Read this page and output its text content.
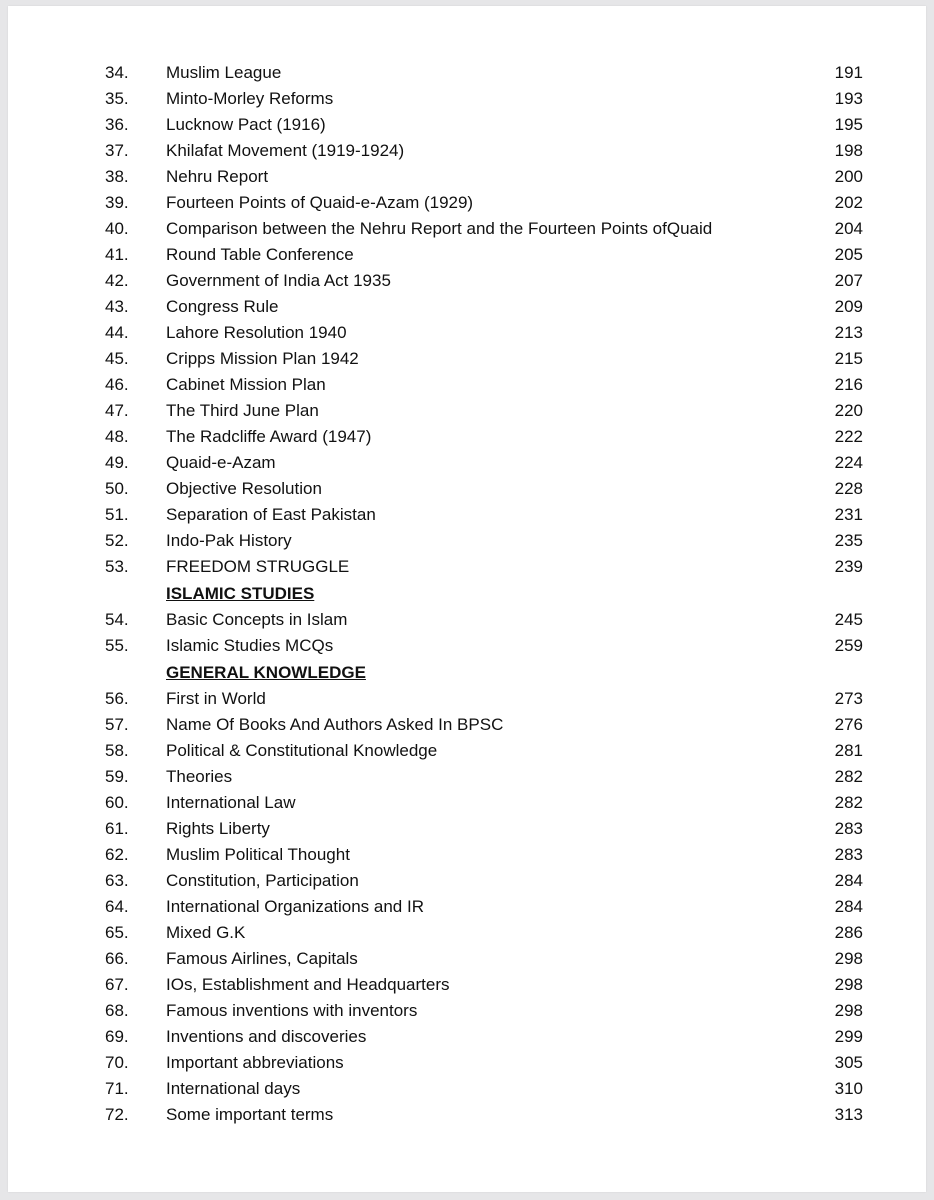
34. Muslim League	191
35. Minto-Morley Reforms	193
36. Lucknow Pact (1916)	195
37. Khilafat Movement (1919-1924)	198
38. Nehru Report	200
39. Fourteen Points of Quaid-e-Azam (1929)	202
40. Comparison between the Nehru Report and the Fourteen Points ofQuaid	204
41. Round Table Conference	205
42. Government of India Act 1935	207
43. Congress Rule	209
44. Lahore Resolution 1940	213
45. Cripps Mission Plan 1942	215
46. Cabinet Mission Plan	216
47. The Third June Plan	220
48. The Radcliffe Award (1947)	222
49. Quaid-e-Azam	224
50. Objective Resolution	228
51. Separation of East Pakistan	231
52. Indo-Pak History	235
53. FREEDOM STRUGGLE	239
ISLAMIC STUDIES
54. Basic Concepts in Islam	245
55. Islamic Studies MCQs	259
GENERAL KNOWLEDGE
56. First in World	273
57. Name Of Books And Authors Asked In BPSC	276
58. Political & Constitutional Knowledge	281
59. Theories	282
60. International Law	282
61. Rights Liberty	283
62. Muslim Political Thought	283
63. Constitution, Participation	284
64. International Organizations and IR	284
65. Mixed G.K	286
66. Famous Airlines, Capitals	298
67. IOs, Establishment and Headquarters	298
68. Famous inventions with inventors	298
69. Inventions and discoveries	299
70. Important abbreviations	305
71. International days	310
72. Some important terms	313
